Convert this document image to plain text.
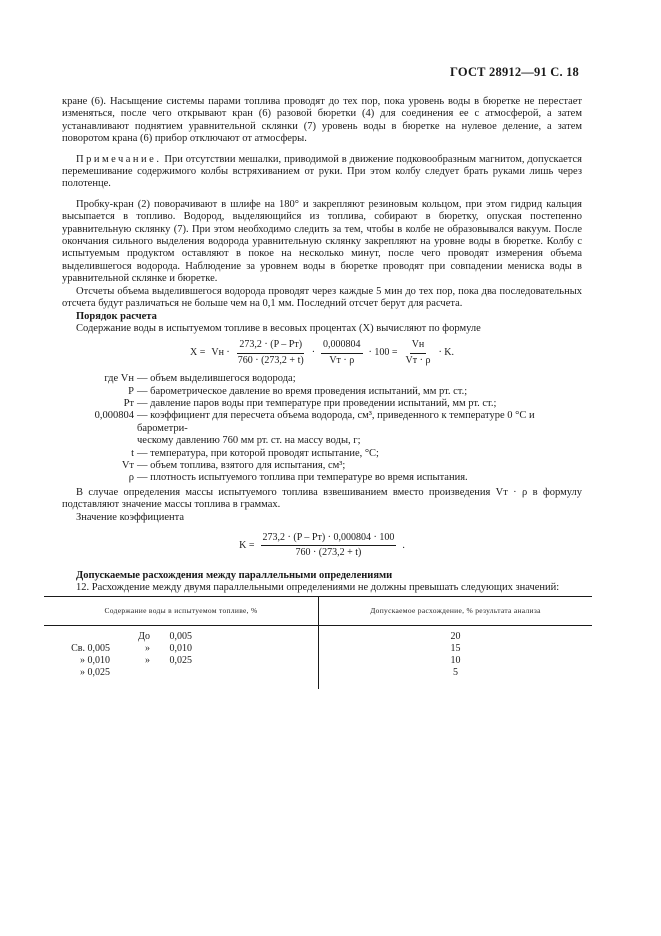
ГОСТ 28912—91 С. 18

кране (6). Насыщение системы парами топлива проводят до тех пор, пока уровень воды в бюретке не перестает изменяться, после чего открывают кран (6) разовой бюретки (4) для соединения ее с атмосферой, а затем устанавливают поднятием уравнительной склянки (7) уровень воды в бюретке на нулевое деление, а затем поворотом крана (6) прибор отключают от атмосферы.

Примечание. При отсутствии мешалки, приводимой в движение подковообразным магнитом, допускается перемешивание содержимого колбы встряхиванием от руки. При этом колбу следует брать руками лишь через полотенце.

Пробку-кран (2) поворачивают в шлифе на 180° и закрепляют резиновым кольцом, при этом гидрид кальция высыпается в топливо. Водород, выделяющийся из топлива, собирают в бюретку, опуская постепенно уравнительную склянку (7). При этом необходимо следить за тем, чтобы в колбе не образовывался вакуум. После окончания сильного выделения водорода уравнительную склянку закрепляют на уровне воды в бюретке. Колбу с испытуемым продуктом оставляют в покое на несколько минут, после чего проводят измерения объема выделившегося водорода. Наблюдение за уровнем воды в бюретке проводят при совпадении мениска воды в уравнительной склянке и бюретке.

Отсчеты объема выделившегося водорода проводят через каждые 5 мин до тех пор, пока два последовательных отсчета будут различаться не больше чем на 0,1 мм. Последний отсчет берут для расчета.

Порядок расчета

Содержание воды в испытуемом топливе в весовых процентах (X) вычисляют по формуле

X = Vн · $\frac{273,2 \cdot (P - Pт)}{760 \cdot (273,2 + t)} \cdot \frac{0,000804}{Vт \cdot \rho} \cdot 100 = \frac{Vн}{Vт \cdot \rho} \cdot K$.
где Vн — объем выделившегося водорода;
P — барометрическое давление во время проведения испытаний, мм рт. ст.;
Pт — давление паров воды при температуре при проведении испытаний, мм рт. ст.;
0,000804 — коэффициент для пересчета объема водорода, см³, приведенного к температуре 0 °С и барометри-
ческому давлению 760 мм рт. ст. на массу воды, г;
t — температура, при которой проводят испытание, °С;
Vт — объем топлива, взятого для испытания, см³;
ρ — плотность испытуемого топлива при температуре во время испытания.

В случае определения массы испытуемого топлива взвешиванием вместо произведения Vт · ρ в формулу подставляют значение массы топлива в граммах.

Значение коэффициента

$K = \frac{273,2 \cdot (P - Pт) \cdot 0,000804 \cdot 100}{760 \cdot (273,2 + t)}$ .

Допускаемые расхождения между параллельными определениями

12. Расхождение между двумя параллельными определениями не должны превышать следующих значений:

Содержание воды в испытуемом топливе, %	Допускаемое расхождение, % результата анализа
До 0,005	20
Св. 0,005 » 0,010	15
» 0,010 » 0,025	10
» 0,025	5
